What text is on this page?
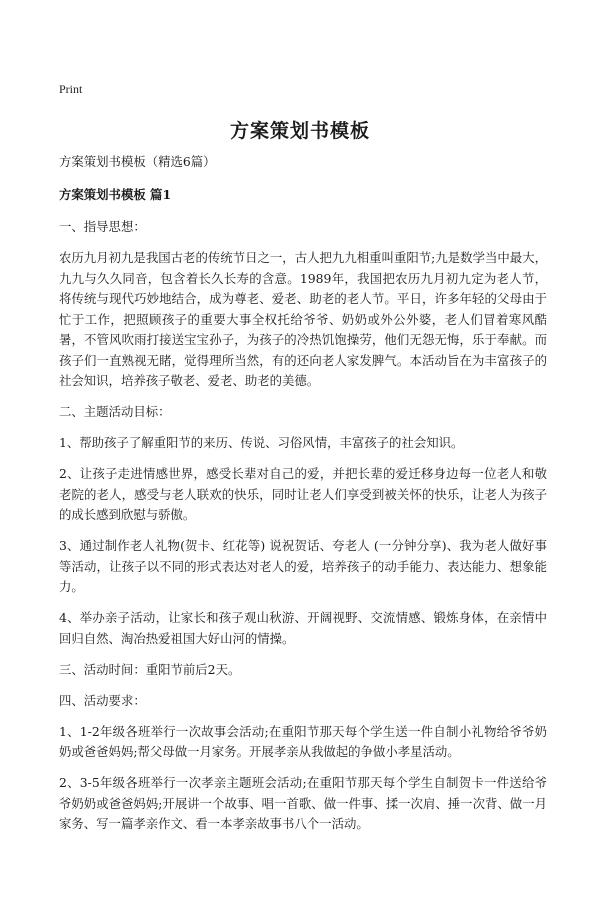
Print
方案策划书模板

方案策划书模板（精选6篇）

方案策划书模板 篇1

一、指导思想：

农历九月初九是我国古老的传统节日之一，古人把九九相重叫重阳节;九是数学当中最大，九九与久久同音，包含着长久长寿的含意。1989年，我国把农历九月初九定为老人节，将传统与现代巧妙地结合，成为尊老、爱老、助老的老人节。平日，许多年轻的父母由于忙于工作，把照顾孩子的重要大事全权托给爷爷、奶奶或外公外婆，老人们冒着寒风酷暑，不管风吹雨打接送宝宝孙子，为孩子的冷热饥饱操劳，他们无怨无悔，乐于奉献。而孩子们一直熟视无睹，觉得理所当然，有的还向老人家发脾气。本活动旨在为丰富孩子的社会知识，培养孩子敬老、爱老、助老的美德。

二、主题活动目标：

1、帮助孩子了解重阳节的来历、传说、习俗风情，丰富孩子的社会知识。

2、让孩子走进情感世界，感受长辈对自己的爱，并把长辈的爱迁移身边每一位老人和敬老院的老人，感受与老人联欢的快乐，同时让老人们享受到被关怀的快乐，让老人为孩子的成长感到欣慰与骄傲。

3、通过制作老人礼物(贺卡、红花等) 说祝贺话、夸老人 (一分钟分享)、我为老人做好事等活动，让孩子以不同的形式表达对老人的爱，培养孩子的动手能力、表达能力、想象能力。

4、举办亲子活动，让家长和孩子观山秋游、开阔视野、交流情感、锻炼身体，在亲情中回归自然、淘冶热爱祖国大好山河的情操。

三、活动时间：重阳节前后2天。

四、活动要求：

1、1-2年级各班举行一次故事会活动;在重阳节那天每个学生送一件自制小礼物给爷爷奶奶或爸爸妈妈;帮父母做一月家务。开展孝亲从我做起的争做小孝星活动。

2、3-5年级各班举行一次孝亲主题班会活动;在重阳节那天每个学生自制贺卡一件送给爷爷奶奶或爸爸妈妈;开展讲一个故事、唱一首歌、做一件事、揉一次肩、捶一次背、做一月家务、写一篇孝亲作文、看一本孝亲故事书八个一活动。
